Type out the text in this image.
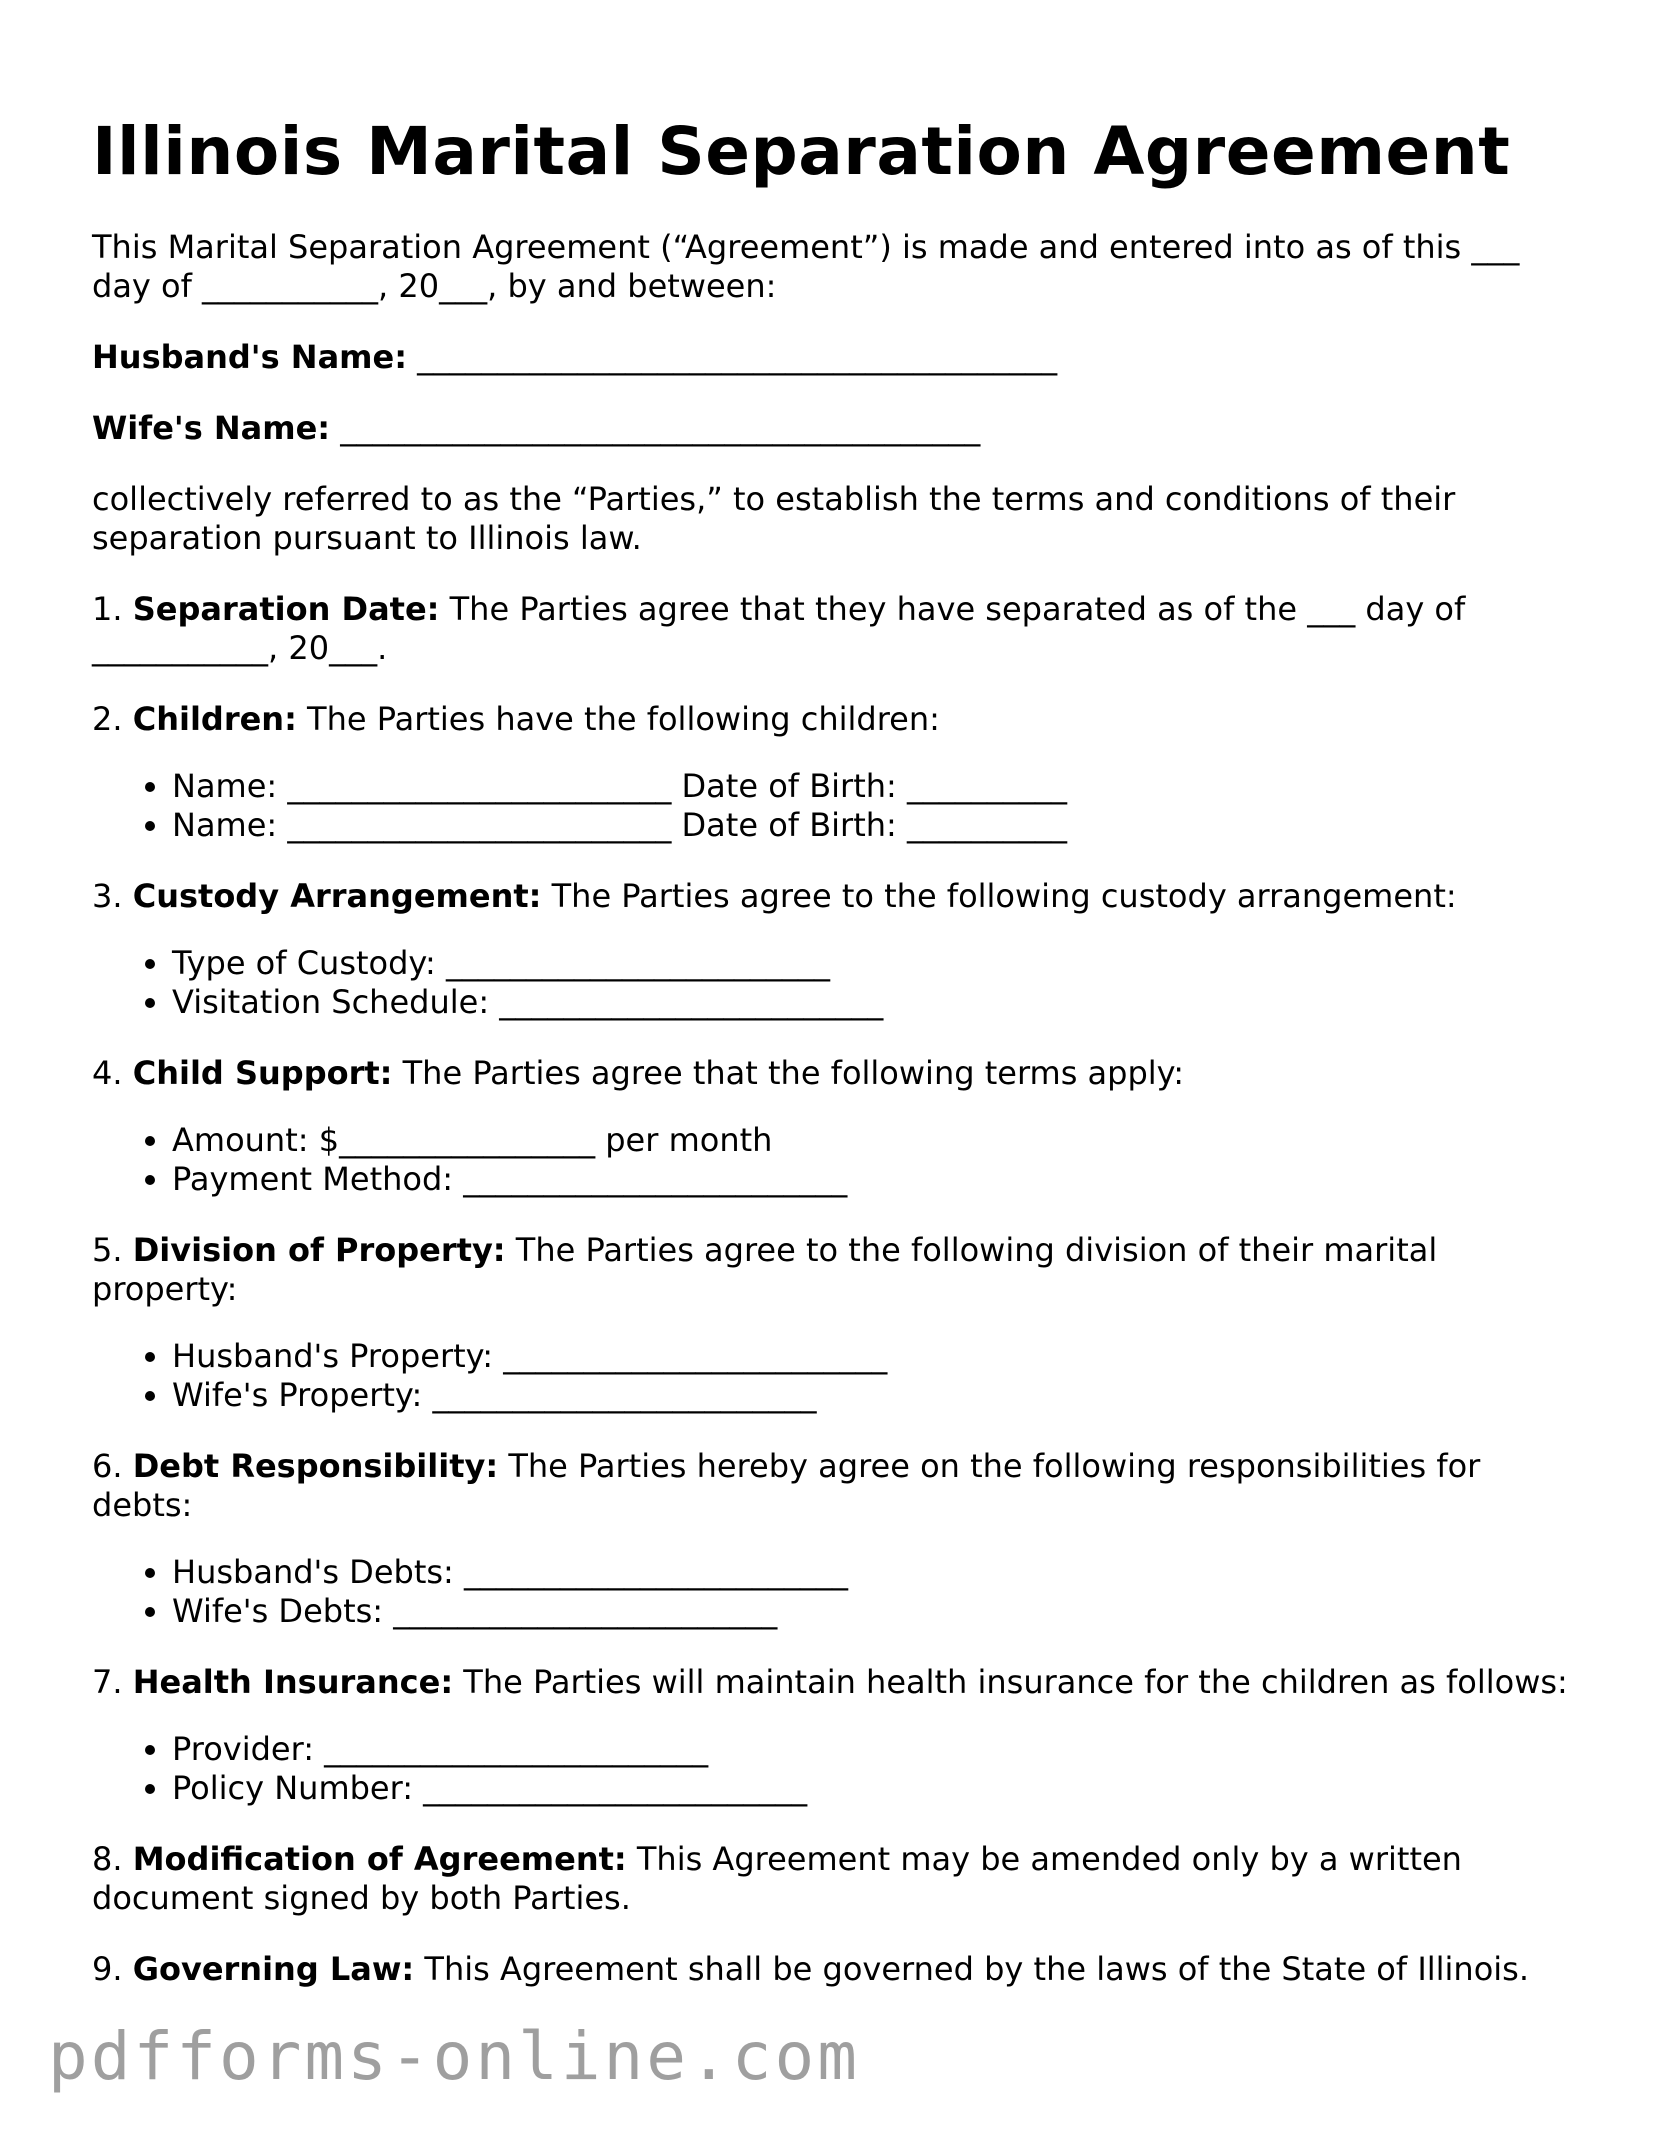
Illinois Marital Separation Agreement

This Marital Separation Agreement (“Agreement”) is made and entered into as of this ___ day of ___________, 20___, by and between:

Husband's Name: ________________________________________

Wife's Name: ________________________________________

collectively referred to as the “Parties,” to establish the terms and conditions of their separation pursuant to Illinois law.

1. Separation Date: The Parties agree that they have separated as of the ___ day of ___________, 20___.

2. Children: The Parties have the following children:

• Name: ________________________ Date of Birth: __________
• Name: ________________________ Date of Birth: __________

3. Custody Arrangement: The Parties agree to the following custody arrangement:

• Type of Custody: ________________________
• Visitation Schedule: ________________________

4. Child Support: The Parties agree that the following terms apply:

• Amount: $________________ per month
• Payment Method: ________________________

5. Division of Property: The Parties agree to the following division of their marital property:

• Husband's Property: ________________________
• Wife's Property: ________________________

6. Debt Responsibility: The Parties hereby agree on the following responsibilities for debts:

• Husband's Debts: ________________________
• Wife's Debts: ________________________

7. Health Insurance: The Parties will maintain health insurance for the children as follows:

• Provider: ________________________
• Policy Number: ________________________

8. Modification of Agreement: This Agreement may be amended only by a written document signed by both Parties.

9. Governing Law: This Agreement shall be governed by the laws of the State of Illinois.

pdfforms-online.com
